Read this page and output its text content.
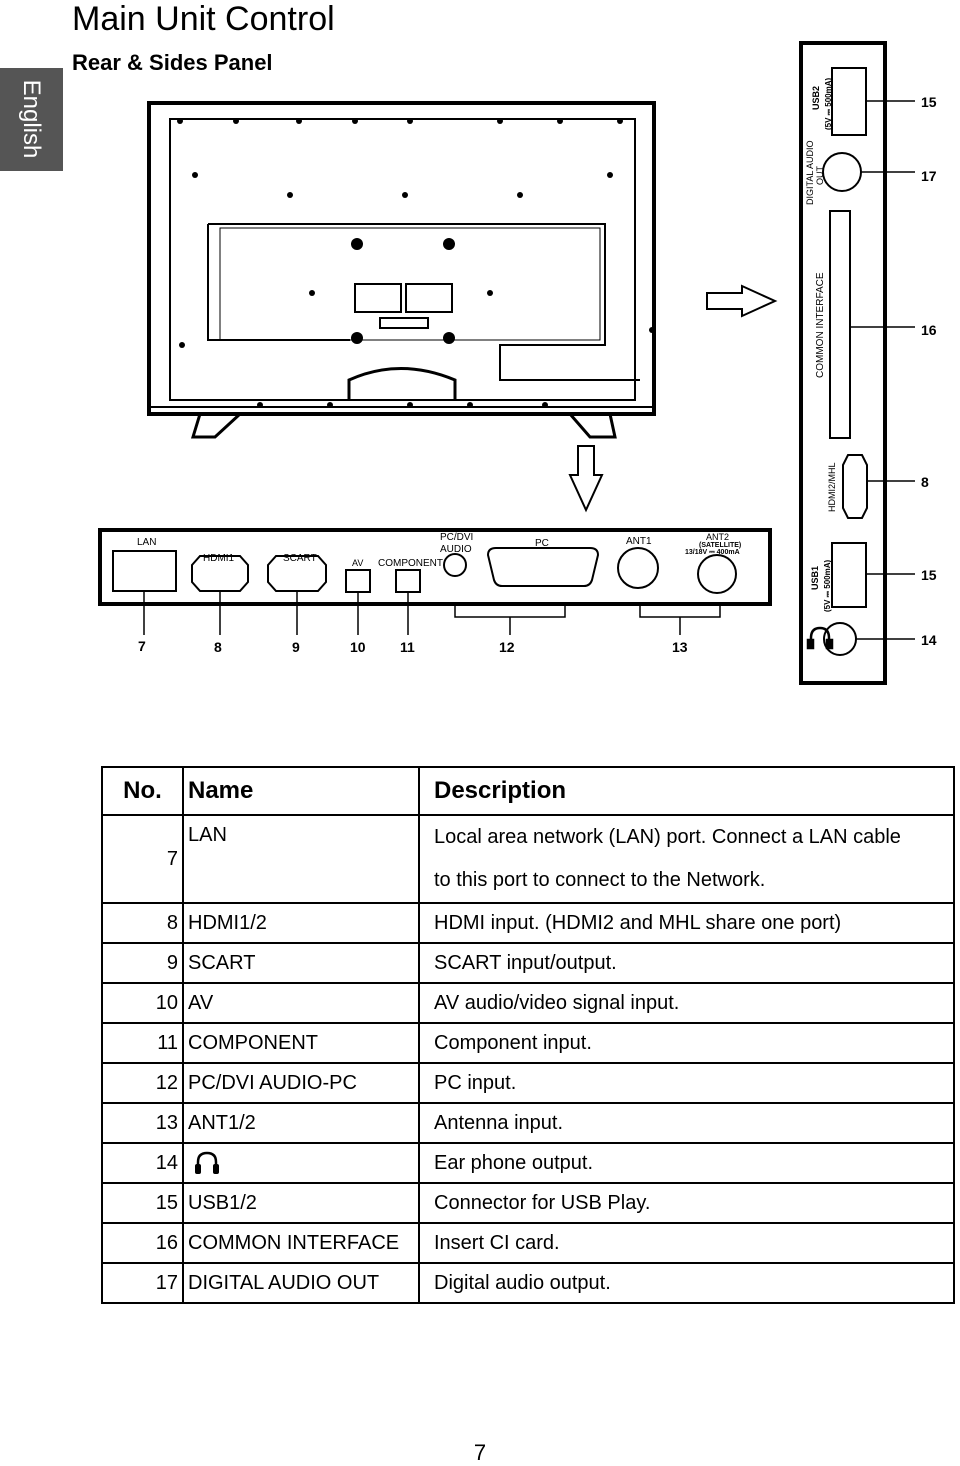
English
Main Unit Control
Rear & Sides Panel
LAN
HDMI1	SCART	AV COMPONENT
PC/DVI
AUDIO
PC	ANT1	ANT2
(SATELLITE)
13/18V ⎓ 400mA
7	8	9	10 11	12	13
USB2 (5V ⎓ 500mA)
DIGITAL AUDIO OUT
COMMON INTERFACE
HDMI2/MHL
USB1 (5V ⎓ 500mA)
15
17
16
8
15
14
No.	Name	Description
7	LAN	Local area network (LAN) port. Connect a LAN cable
to this port to connect to the Network.

8	HDMI1/2	HDMI input. (HDMI2 and MHL share one port)
9	SCART	SCART input/output.
10	AV	AV audio/video signal input.
11	COMPONENT	Component input.
12	PC/DVI AUDIO-PC	PC input.
13	ANT1/2	Antenna input.
14		Ear phone output.
15	USB1/2	Connector for USB Play.
16	COMMON INTERFACE	Insert CI card.
17	DIGITAL AUDIO OUT	Digital audio output.
7
